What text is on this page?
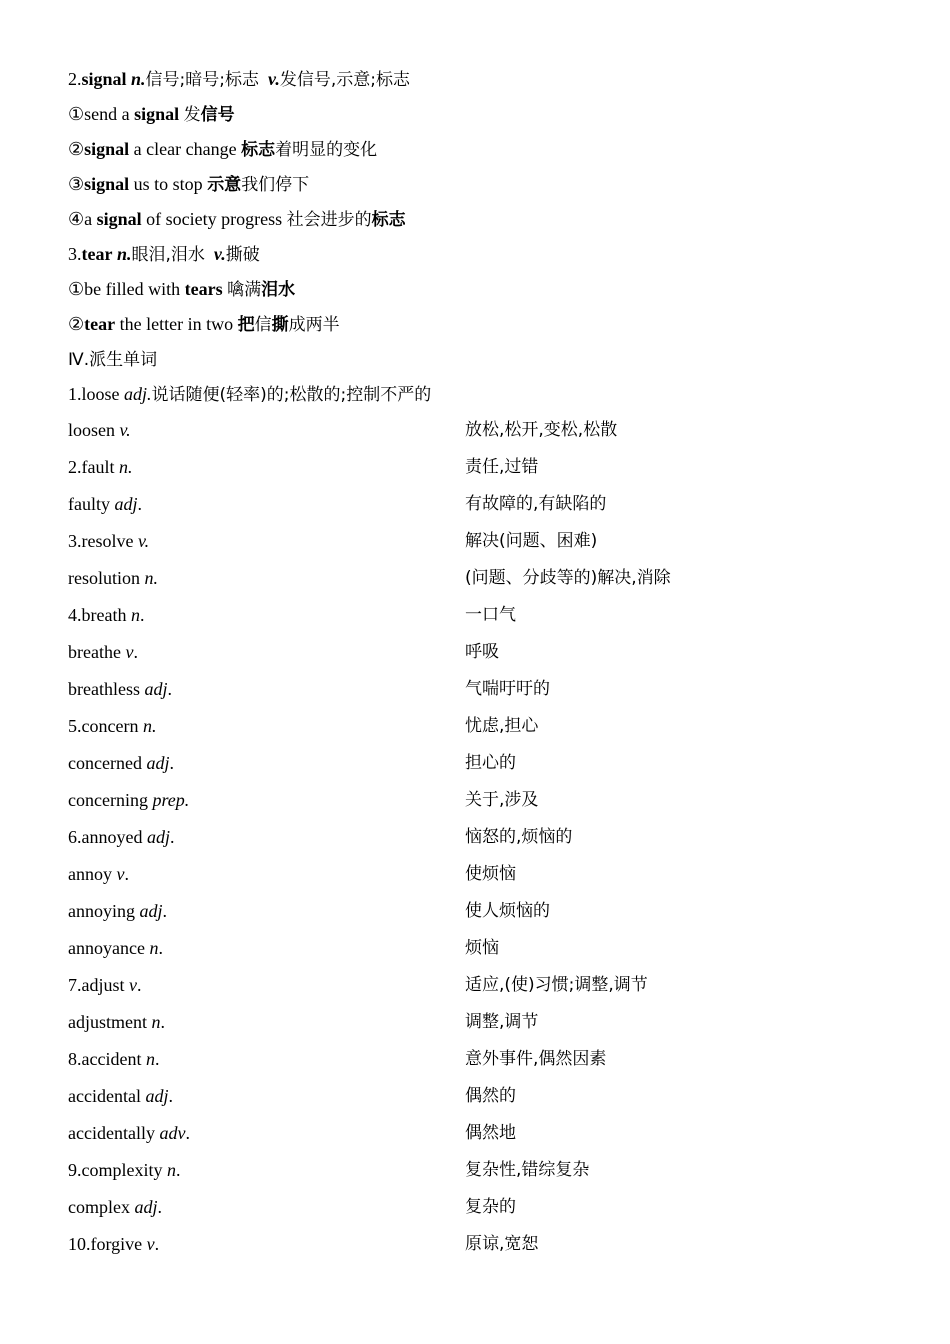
2.signal n.信号;暗号;标志 v.发信号,示意;标志
①send a signal 发信号
②signal a clear change 标志着明显的变化
③signal us to stop 示意我们停下
④a signal of society progress 社会进步的标志
3.tear n.眼泪,泪水 v.撕破
①be filled with tears 噙满泪水
②tear the letter in two 把信撕成两半
Ⅳ.派生单词
1.loose adj.说话随便(轻率)的;松散的;控制不严的
loosen v.	放松,松开,变松,松散
2.fault n.	责任,过错
faulty adj.	有故障的,有缺陷的
3.resolve v.	解决(问题、困难)
resolution n.	(问题、分歧等的)解决,消除
4.breath n.	一口气
breathe v.	呼吸
breathless adj.	气喘吁吁的
5.concern n.	忧虑,担心
concerned adj.	担心的
concerning prep.	关于,涉及
6.annoyed adj.	恼怒的,烦恼的
annoy v.	使烦恼
annoying adj.	使人烦恼的
annoyance n.	烦恼
7.adjust v.	适应,(使)习惯;调整,调节
adjustment n.	调整,调节
8.accident n.	意外事件,偶然因素
accidental adj.	偶然的
accidentally adv.	偶然地
9.complexity n.	复杂性,错综复杂
complex adj.	复杂的
10.forgive v.	原谅,宽恕
